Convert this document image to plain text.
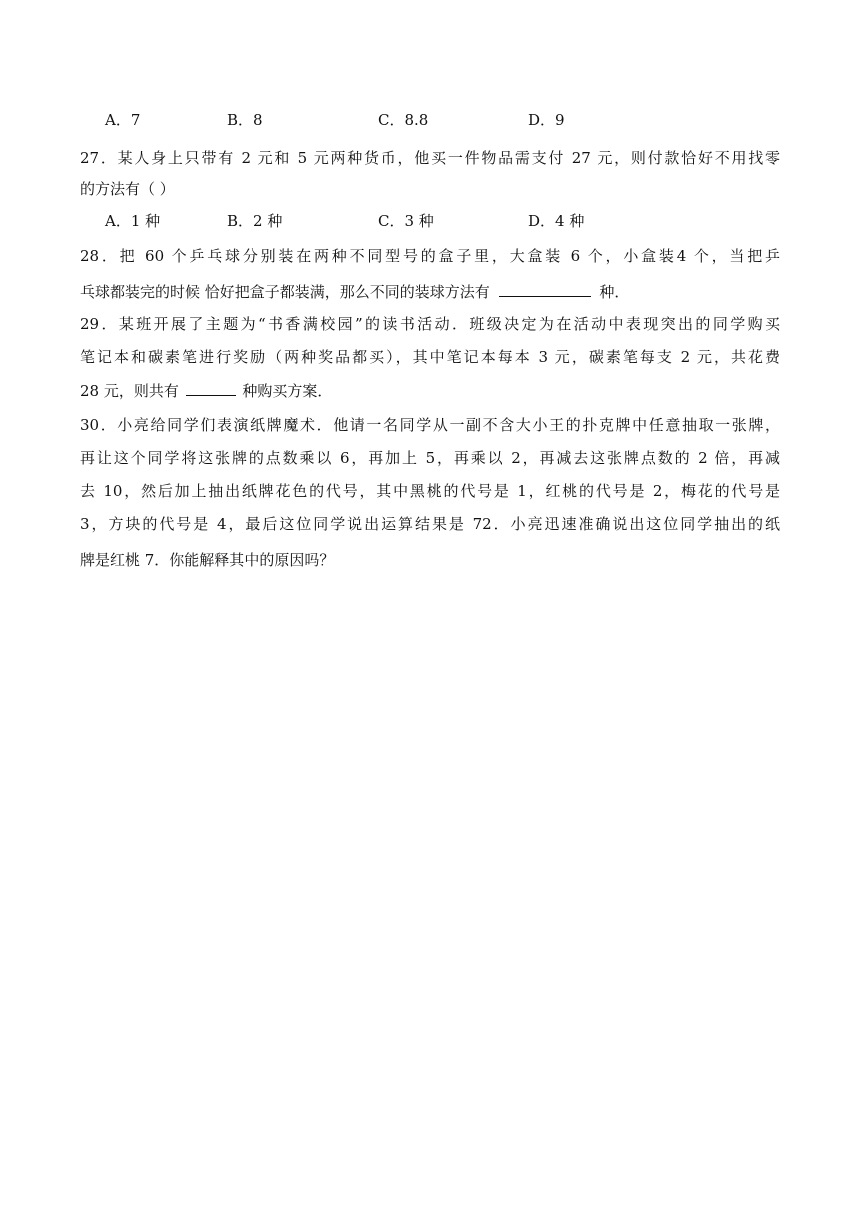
A．7	B．8	C．8.8	D．9
27．某人身上只带有 2 元和 5 元两种货币，他买一件物品需支付 27 元，则付款恰好不用找零
的方法有（ ）
A．1 种	B．2 种	C．3 种	D．4 种
28．把 60 个乒乓球分别装在两种不同型号的盒子里，大盒装 6 个，小盒装4 个，当把乒
乓球都装完的时候 恰好把盒子都装满，那么不同的装球方法有	种．
29．某班开展了主题为“书香满校园”的读书活动．班级决定为在活动中表现突出的同学购买
笔记本和碳素笔进行奖励（两种奖品都买），其中笔记本每本 3 元，碳素笔每支 2 元，共花费
28 元，则共有	种购买方案．
30．小亮给同学们表演纸牌魔术．他请一名同学从一副不含大小王的扑克牌中任意抽取一张牌，
再让这个同学将这张牌的点数乘以 6，再加上 5，再乘以 2，再减去这张牌点数的 2 倍，再减
去 10，然后加上抽出纸牌花色的代号，其中黑桃的代号是 1，红桃的代号是 2，梅花的代号是
3，方块的代号是 4，最后这位同学说出运算结果是 72．小亮迅速准确说出这位同学抽出的纸
牌是红桃 7．你能解释其中的原因吗？
